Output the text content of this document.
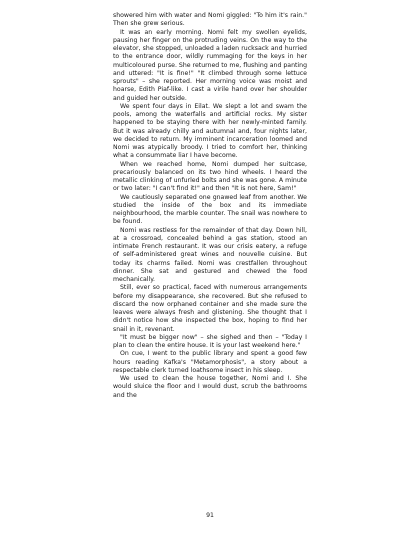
showered him with water and Nomi giggled: "To him it's rain." Then she grew serious.

It was an early morning. Nomi felt my swollen eyelids, pausing her finger on the protruding veins. On the way to the elevator, she stopped, unloaded a laden rucksack and hurried to the entrance door, wildly rummaging for the keys in her multicoloured purse. She returned to me, flushing and panting and uttered: "It is fine!" "It climbed through some lettuce sprouts" – she reported. Her morning voice was moist and hoarse, Edith Piaf-like. I cast a virile hand over her shoulder and guided her outside.

We spent four days in Eilat. We slept a lot and swam the pools, among the waterfalls and artificial rocks. My sister happened to be staying there with her newly-minted family. But it was already chilly and autumnal and, four nights later, we decided to return. My imminent incarceration loomed and Nomi was atypically broody. I tried to comfort her, thinking what a consummate liar I have become.

When we reached home, Nomi dumped her suitcase, precariously balanced on its two hind wheels. I heard the metallic clinking of unfurled bolts and she was gone. A minute or two later: "I can't find it!" and then "It is not here, Sam!"

We cautiously separated one gnawed leaf from another. We studied the inside of the box and its immediate neighbourhood, the marble counter. The snail was nowhere to be found.

Nomi was restless for the remainder of that day. Down hill, at a crossroad, concealed behind a gas station, stood an intimate French restaurant. It was our crisis eatery, a refuge of self-administered great wines and nouvelle cuisine. But today its charms failed. Nomi was crestfallen throughout dinner. She sat and gestured and chewed the food mechanically.

Still, ever so practical, faced with numerous arrangements before my disappearance, she recovered. But she refused to discard the now orphaned container and she made sure the leaves were always fresh and glistening. She thought that I didn't notice how she inspected the box, hoping to find her snail in it, revenant.

"It must be bigger now" – she sighed and then – "Today I plan to clean the entire house. It is your last weekend here."

On cue, I went to the public library and spent a good few hours reading Kafka's "Metamorphosis", a story about a respectable clerk turned loathsome insect in his sleep.

We used to clean the house together, Nomi and I. She would sluice the floor and I would dust, scrub the bathrooms and the

91
